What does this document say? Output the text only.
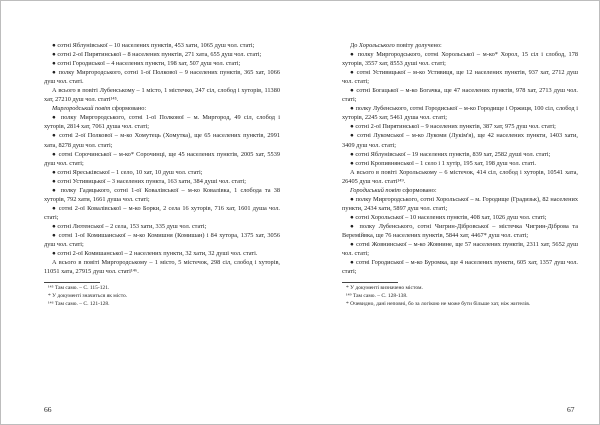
● сотні Яблунівської – 10 населених пунктів, 453 хати, 1065 душ чол. статі;

● сотні 2-ої Пирятинської – 8 населених пунктів, 271 хата, 655 душ чол. статі;

● сотні Городиської – 4 населених пункти, 198 хат, 507 душ чол. статі;

● полку Миргородського, сотні 1-ої Полкової – 9 населених пунктів, 365 хат, 1066 душ чол. статі.

А всього в повіті Лубенському – 1 місто, 1 містечко, 247 сіл, слобод і хуторів, 11380 хат, 27210 душ чол. статі¹⁴⁵.

Миргородський повіт сформовано:

● полку Миргородського, сотні 1-ої Полкової – м. Миргород, 49 сіл, слобод і хуторів, 2814 хат, 7061 душа чол. статі;

● сотні 2-ої Полкової – м-ко Хомутець (Хомутка), ще 65 населених пунктів, 2991 хата, 8278 душ чол. статі;

● сотні Сорочинської – м-ко* Сорочинці, ще 45 населених пунктів, 2005 хат, 5539 душ чол. статі;

● сотні Яреськівської – 1 село, 10 хат, 10 душ чол. статі;

● сотні Устивицької – 3 населених пункта, 163 хати, 384 душі чол. статі;

● полку Гадяцького, сотні 1-ої Ковалівської – м-ко Ковалівка, 1 слобода та 38 хуторів, 792 хати, 1661 душа чол. статі;

● сотні 2-ої Ковалівської – м-ко Борки, 2 села 16 хуторів, 716 хат, 1601 душа чол. статі;

● сотні Лютенської – 2 села, 153 хати, 335 душ чол. статі;

● сотні 1-ої Комишанської – м-ко Комишня (Комишан) і 84 хутора, 1375 хат, 3056 душ чол. статі;

● сотні 2-ої Комишанської – 2 населених пункти, 32 хати, 32 душі чол. статі.

А всього в повіті Миргородському – 1 місто, 5 містечок, 298 сіл, слобод і хуторів, 11051 хата, 27915 душ чол. статі¹⁴⁶.

¹⁴⁵ Там само. – С. 115-121.

* У документі значиться як місто.

¹⁴⁶ Там само. – С. 121-128.

До Хорольського повіту долучено:

● полку Миргородського, сотні Хорольської – м-ко* Хорол, 15 сіл і слобод, 178 хуторів, 3557 хат, 8553 душі чол. статі;

● сотні Устивицької – м-ко Устивиця, ще 12 населених пунктів, 937 хат, 2712 душ чол. статі;

● сотні Богацької – м-ко Богачка, ще 47 населених пунктів, 978 хат, 2713 душ чол. статі;

● полку Лубенського, сотні Городиської – м-ко Городище і Оржиця, 100 сіл, слобод і хуторів, 2245 хат, 5461 душа чол. статі;

● сотні 2-ої Пирятинської – 9 населених пунктів, 387 хат, 975 душ чол. статі;

● сотні Лукомської – м-ко Лукоми (Лукім'я), ще 42 населених пункти, 1403 хати, 3409 душ чол. статі;

● сотні Яблунівської – 19 населених пунктів, 839 хат, 2582 душі чол. статі;

● сотні Кропивнянської – 1 село і 1 хутір, 195 хат, 198 душ чол. статі.

А всього в повіті Хорольському – 6 містечок, 414 сіл, слобод і хуторів, 10541 хата, 26405 душ чол. статі¹⁴⁹.

Городиський повіт сформовано:

● полку Миргородського, сотні Хорольської – м. Городище (Градизьк), 82 населених пункти, 2434 хати, 5897 душ чол. статі;

● сотні Хорольської – 10 населених пунктів, 408 хат, 1026 душ чол. статі;

● полку Лубенського, сотні Чигрин-Дібровської – містечка Чигрин-Діброва та Веремійвка, ще 76 населених пунктів, 5844 хат, 4467* душ чол. статі;

● сотні Жовнинської – м-ко Жовнине, ще 57 населених пунктів, 2311 хат, 5652 душ чол. статі;

● сотні Городиської – м-ко Буромка, ще 4 населених пункти, 605 хат, 1357 душ чол. статі;

* У документі визначено містом.

¹⁴⁹ Там само. – С. 128-138.

* Очевидно, дані неповні, бо за логікою не може бути більше хат, ніж жителів.

66	67
